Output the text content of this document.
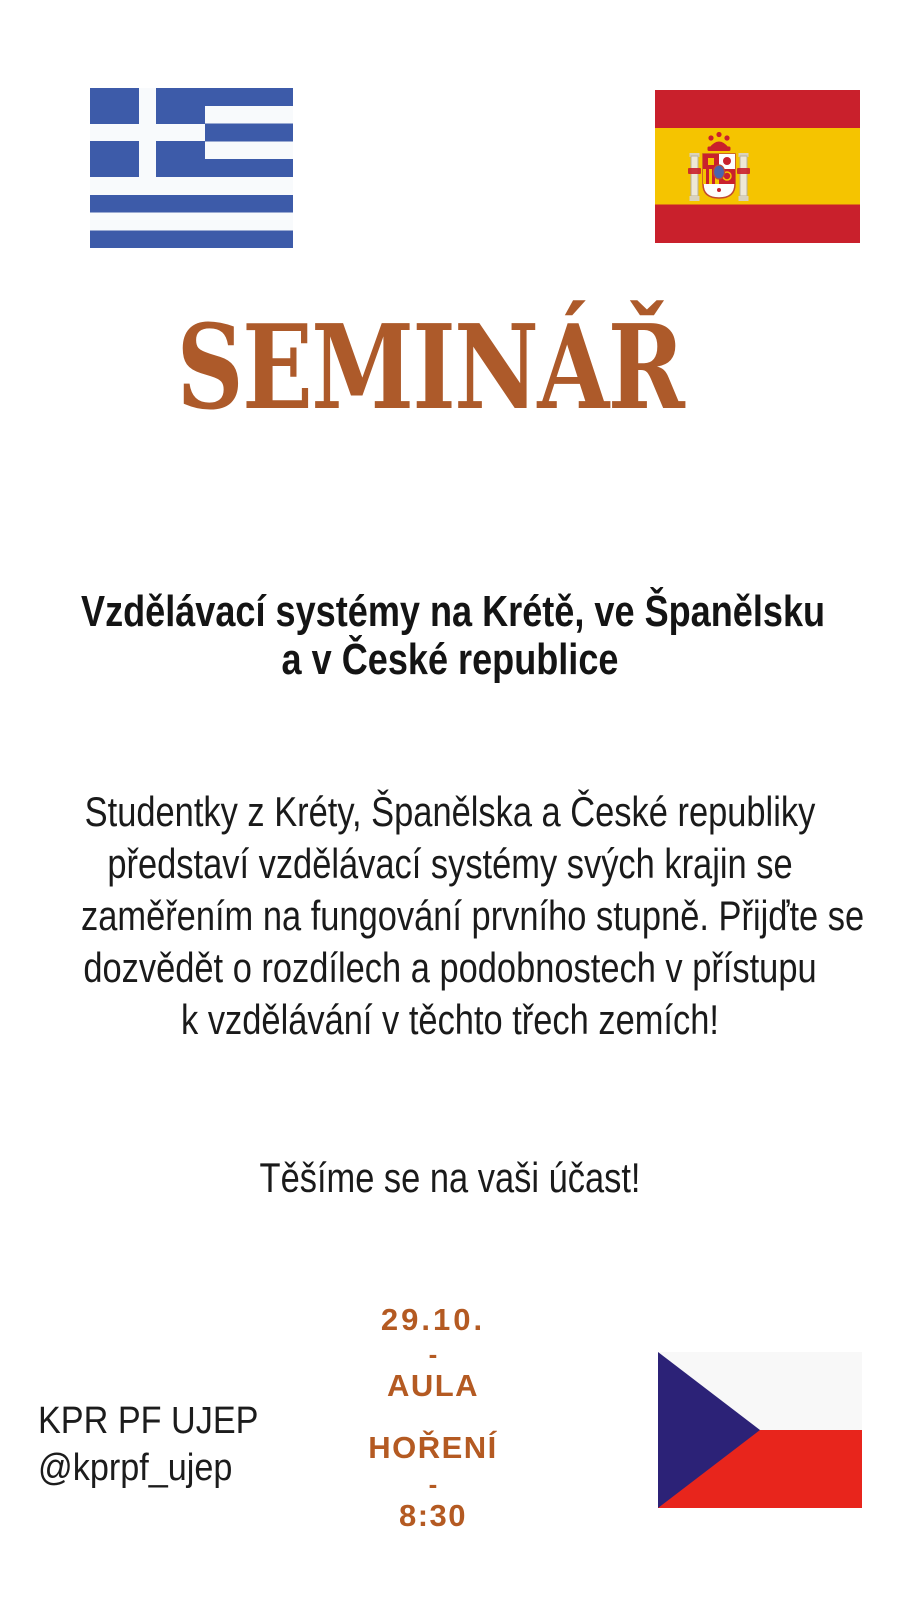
SEMINÁŘ
Vzdělávací systémy na Krétě, ve Španělsku
a v České republice
Studentky z Kréty, Španělska a České republiky
představí vzdělávací systémy svých krajin se
zaměřením na fungování prvního stupně. Přijďte se
dozvědět o rozdílech a podobnostech v přístupu
k vzdělávání v těchto třech zemích!
Těšíme se na vaši účast!
29.10.
-
AULA
HOŘENÍ
-
8:30
KPR PF UJEP
@kprpf_ujep
